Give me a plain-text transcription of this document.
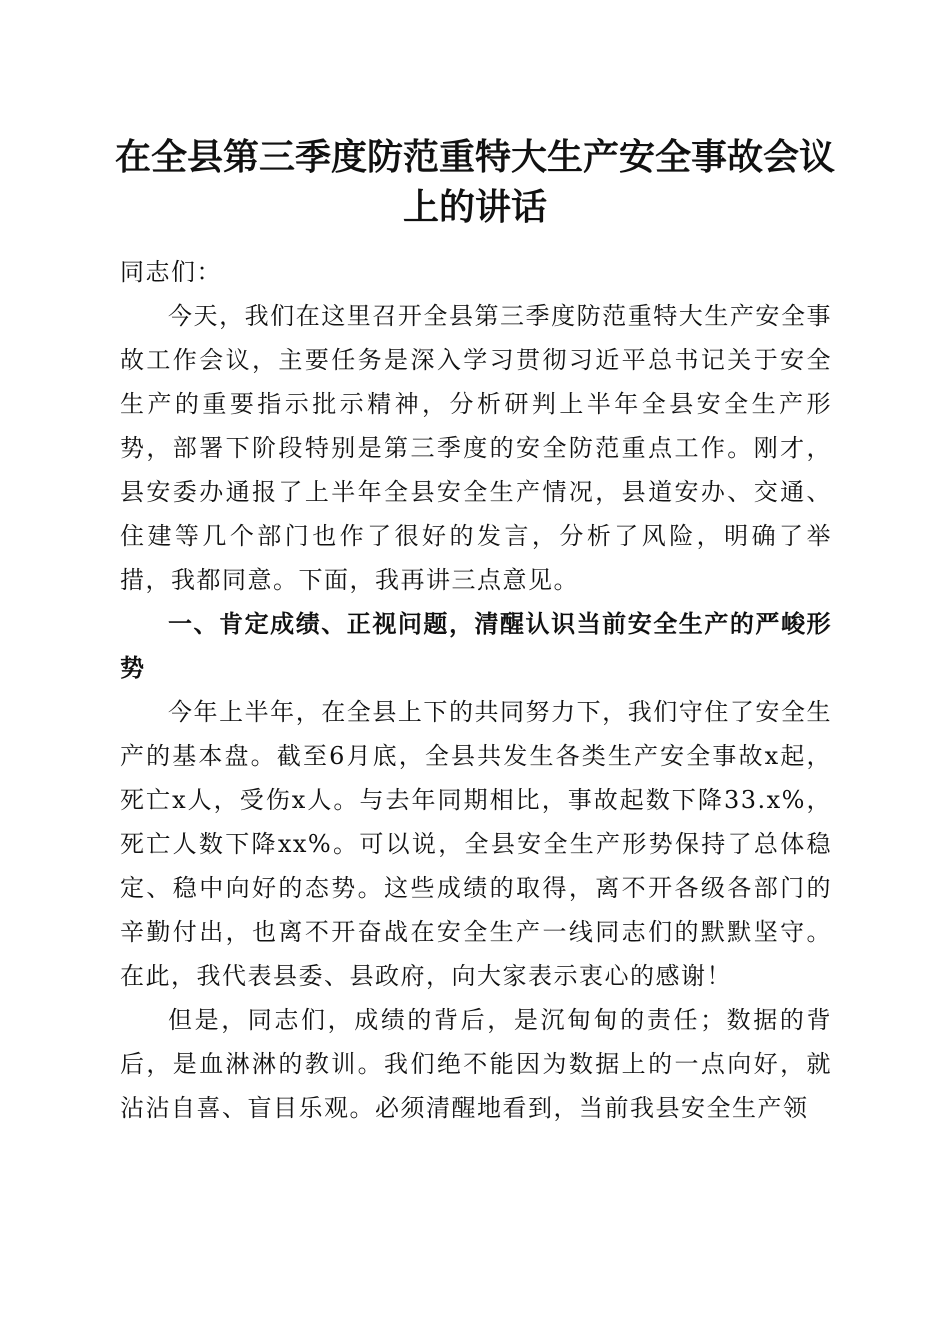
在全县第三季度防范重特大生产安全事故会议上的讲话

同志们：

今天，我们在这里召开全县第三季度防范重特大生产安全事故工作会议，主要任务是深入学习贯彻习近平总书记关于安全生产的重要指示批示精神，分析研判上半年全县安全生产形势，部署下阶段特别是第三季度的安全防范重点工作。刚才，县安委办通报了上半年全县安全生产情况，县道安办、交通、住建等几个部门也作了很好的发言，分析了风险，明确了举措，我都同意。下面，我再讲三点意见。

一、肯定成绩、正视问题，清醒认识当前安全生产的严峻形势

今年上半年，在全县上下的共同努力下，我们守住了安全生产的基本盘。截至6月底，全县共发生各类生产安全事故x起，死亡x人，受伤x人。与去年同期相比，事故起数下降33.x%，死亡人数下降xx%。可以说，全县安全生产形势保持了总体稳定、稳中向好的态势。这些成绩的取得，离不开各级各部门的辛勤付出，也离不开奋战在安全生产一线同志们的默默坚守。在此，我代表县委、县政府，向大家表示衷心的感谢！

但是，同志们，成绩的背后，是沉甸甸的责任；数据的背后，是血淋淋的教训。我们绝不能因为数据上的一点向好，就沾沾自喜、盲目乐观。必须清醒地看到，当前我县安全生产领
